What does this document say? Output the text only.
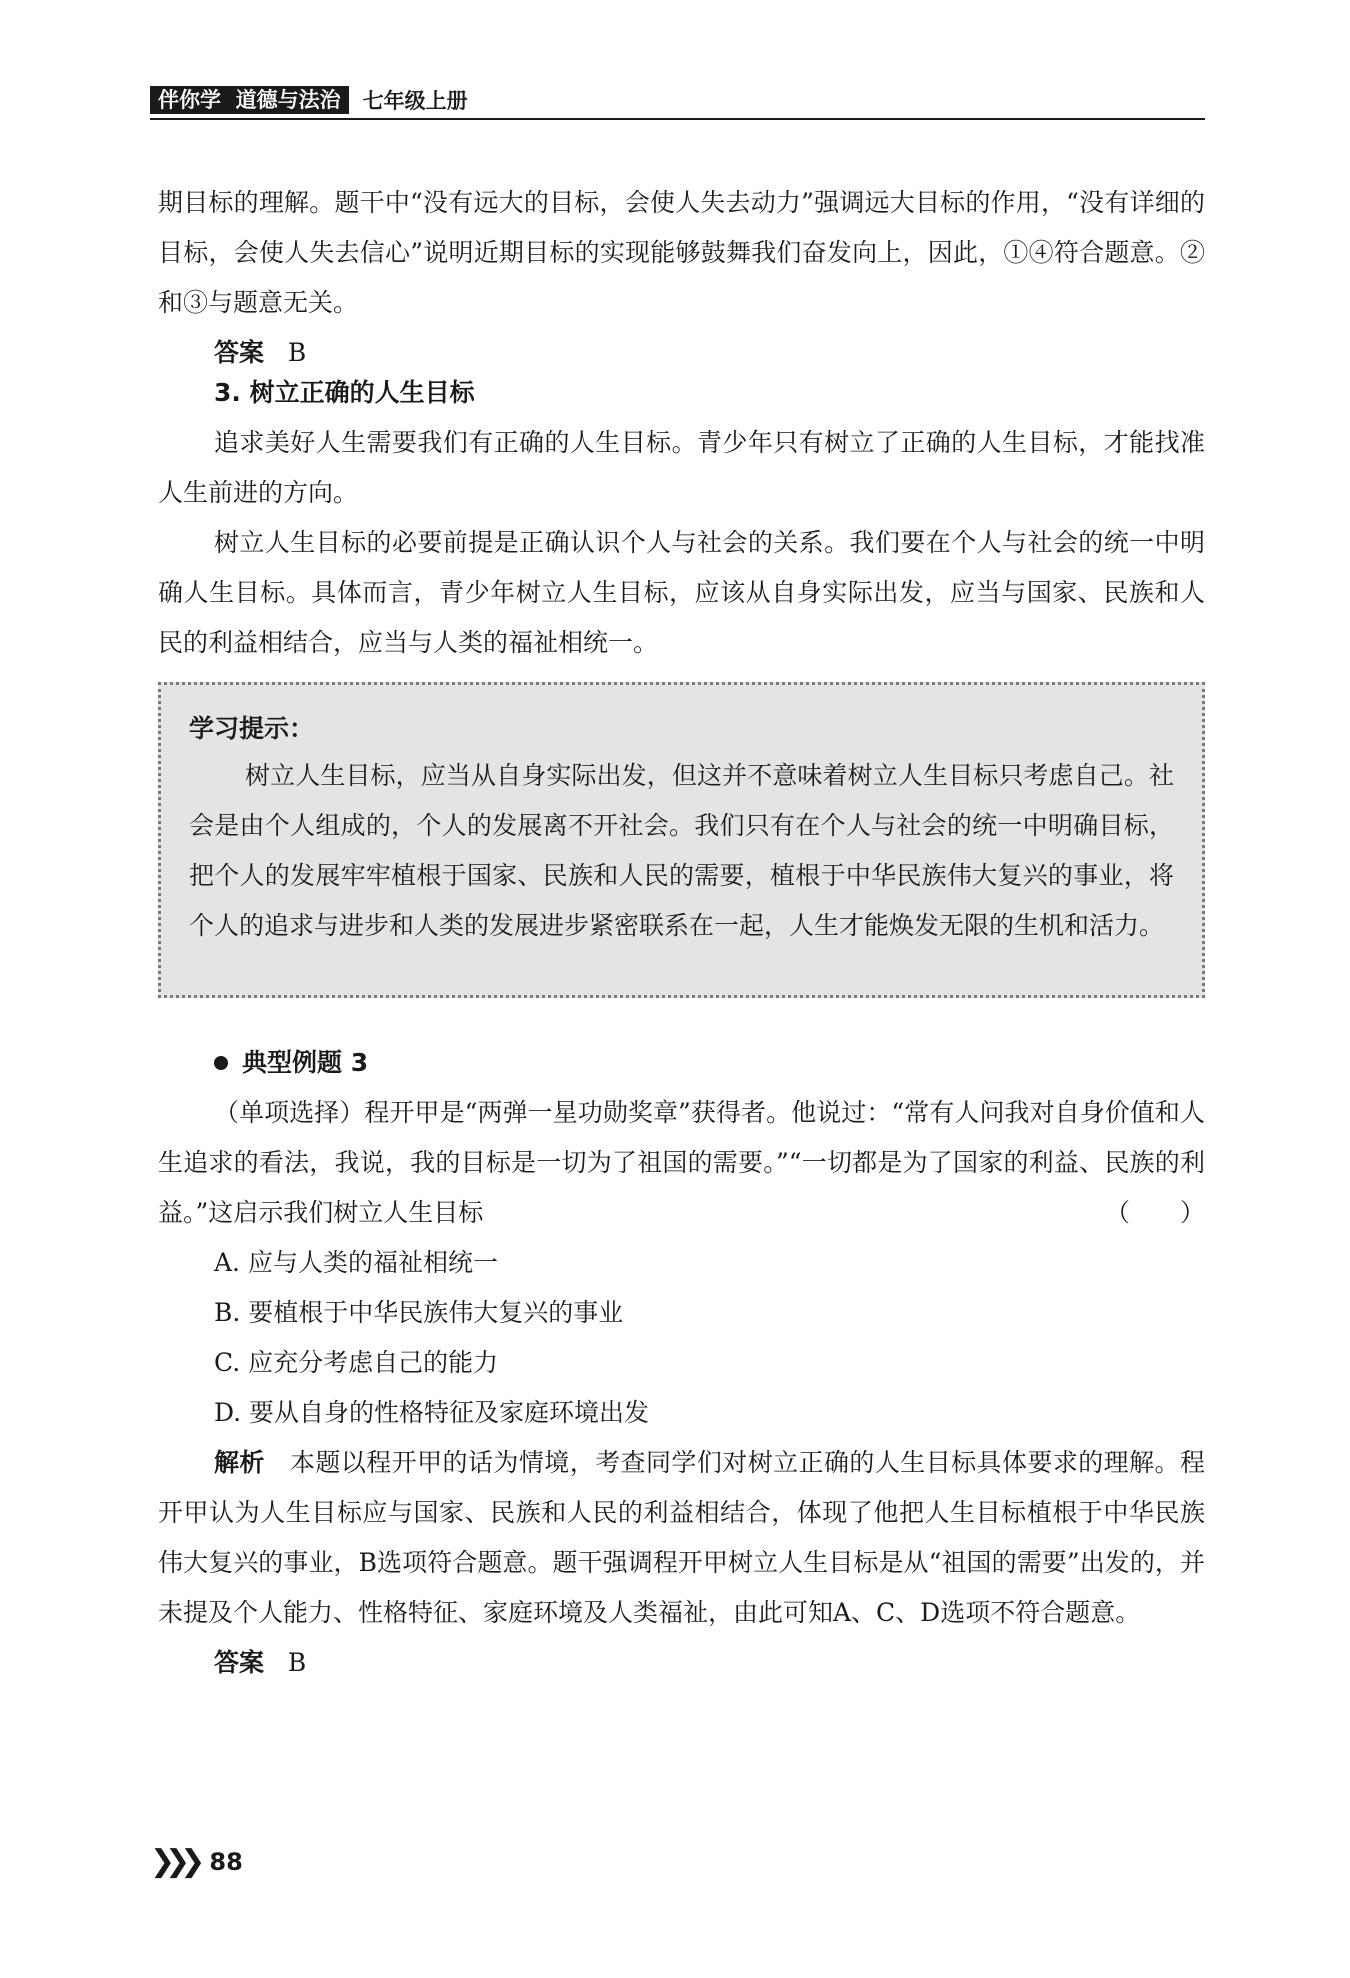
伴你学 道德与法治	七年级上册

期目标的理解。题干中“没有远大的目标，会使人失去动力”强调远大目标的作用，“没有详细的目标，会使人失去信心”说明近期目标的实现能够鼓舞我们奋发向上，因此，①④符合题意。②和③与题意无关。

答案 B

3. 树立正确的人生目标

追求美好人生需要我们有正确的人生目标。青少年只有树立了正确的人生目标，才能找准人生前进的方向。

树立人生目标的必要前提是正确认识个人与社会的关系。我们要在个人与社会的统一中明确人生目标。具体而言，青少年树立人生目标，应该从自身实际出发，应当与国家、民族和人民的利益相结合，应当与人类的福祉相统一。

学习提示：

树立人生目标，应当从自身实际出发，但这并不意味着树立人生目标只考虑自己。社会是由个人组成的，个人的发展离不开社会。我们只有在个人与社会的统一中明确目标，把个人的发展牢牢植根于国家、民族和人民的需要，植根于中华民族伟大复兴的事业，将个人的追求与进步和人类的发展进步紧密联系在一起，人生才能焕发无限的生机和活力。

典型例题 3

（单项选择）程开甲是“两弹一星功勋奖章”获得者。他说过：“常有人问我对自身价值和人生追求的看法，我说，我的目标是一切为了祖国的需要。”“一切都是为了国家的利益、民族的利益。”这启示我们树立人生目标	（　　）

A. 应与人类的福祉相统一

B. 要植根于中华民族伟大复兴的事业

C. 应充分考虑自己的能力

D. 要从自身的性格特征及家庭环境出发

解析 本题以程开甲的话为情境，考查同学们对树立正确的人生目标具体要求的理解。程开甲认为人生目标应与国家、民族和人民的利益相结合，体现了他把人生目标植根于中华民族伟大复兴的事业，B选项符合题意。题干强调程开甲树立人生目标是从“祖国的需要”出发的，并未提及个人能力、性格特征、家庭环境及人类福祉，由此可知A、C、D选项不符合题意。

答案 B

❯❯❯ 88
